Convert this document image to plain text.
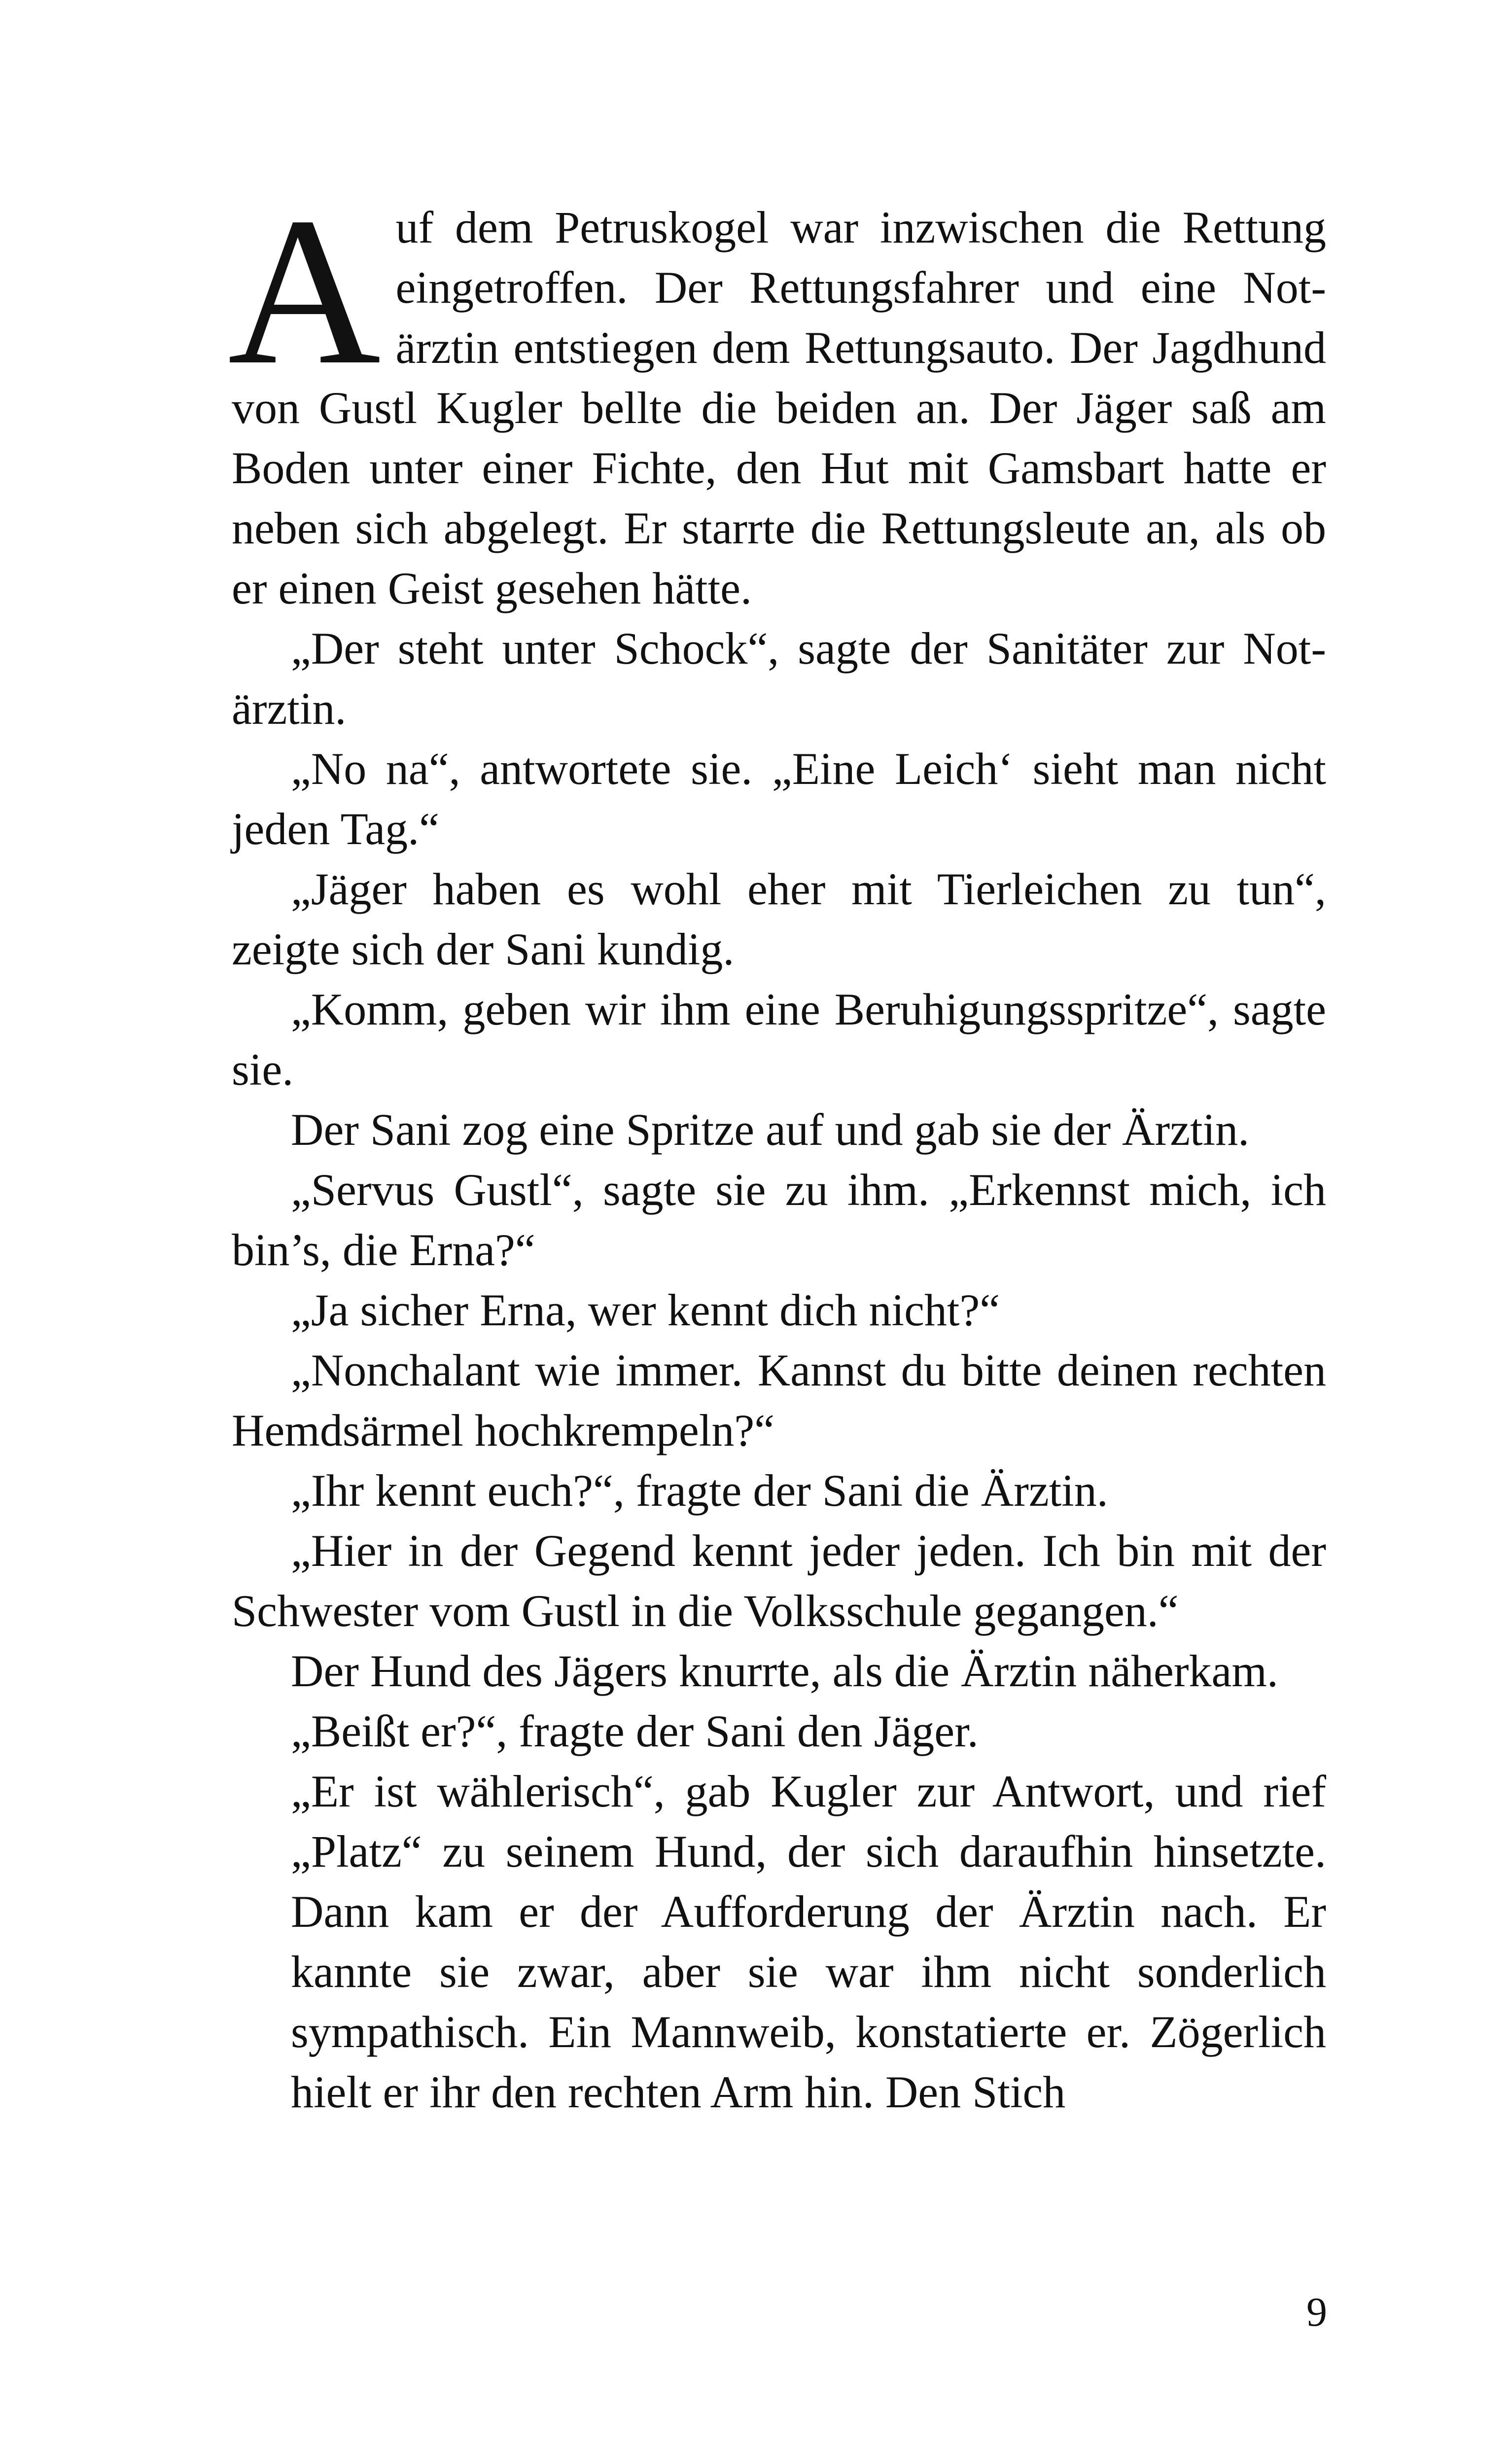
Auf dem Petruskogel war inzwischen die Rettung eingetroffen. Der Rettungsfahrer und eine Notärztin entstiegen dem Rettungsauto. Der Jagdhund von Gustl Kugler bellte die beiden an. Der Jäger saß am Boden unter einer Fichte, den Hut mit Gamsbart hatte er neben sich abgelegt. Er starrte die Rettungsleute an, als ob er einen Geist gesehen hätte.

„Der steht unter Schock“, sagte der Sanitäter zur Notärztin.

„No na“, antwortete sie. „Eine Leich‘ sieht man nicht jeden Tag.“

„Jäger haben es wohl eher mit Tierleichen zu tun“, zeigte sich der Sani kundig.

„Komm, geben wir ihm eine Beruhigungsspritze“, sagte sie.

Der Sani zog eine Spritze auf und gab sie der Ärztin.

„Servus Gustl“, sagte sie zu ihm. „Erkennst mich, ich bin’s, die Erna?“

„Ja sicher Erna, wer kennt dich nicht?“

„Nonchalant wie immer. Kannst du bitte deinen rechten Hemdsärmel hochkrempeln?“

„Ihr kennt euch?“, fragte der Sani die Ärztin.

„Hier in der Gegend kennt jeder jeden. Ich bin mit der Schwester vom Gustl in die Volksschule gegangen.“

Der Hund des Jägers knurrte, als die Ärztin näherkam.

„Beißt er?“, fragte der Sani den Jäger.

„Er ist wählerisch“, gab Kugler zur Antwort, und rief „Platz“ zu seinem Hund, der sich daraufhin hinsetzte. Dann kam er der Aufforderung der Ärztin nach. Er kannte sie zwar, aber sie war ihm nicht sonderlich sympathisch. Ein Mannweib, konstatierte er. Zögerlich hielt er ihr den rechten Arm hin. Den Stich

9
